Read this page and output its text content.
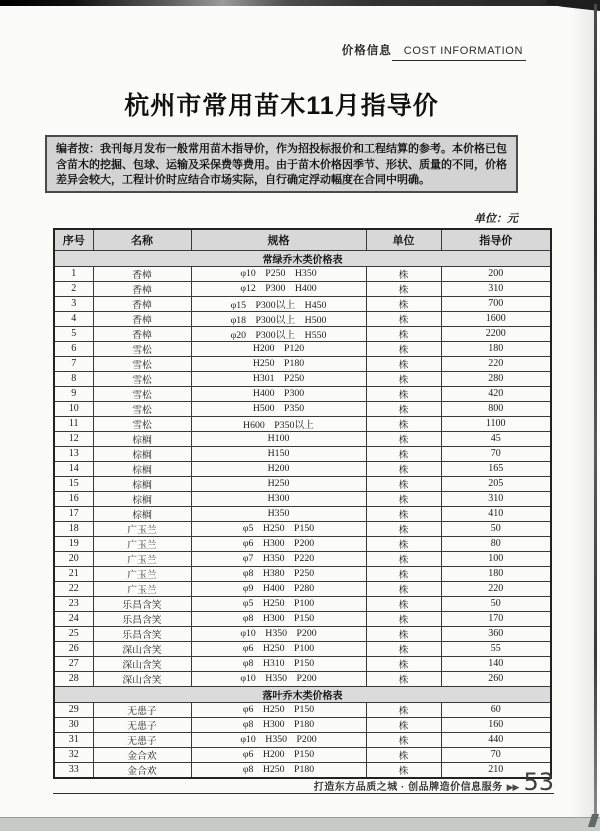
价格信息	COST INFORMATION
杭州市常用苗木11月指导价
编者按：我刊每月发布一般常用苗木指导价，作为招投标报价和工程结算的参考。本价格已包含苗木的挖掘、包球、运输及采保费等费用。由于苗木价格因季节、形状、质量的不同，价格差异会较大，工程计价时应结合市场实际，自行确定浮动幅度在合同中明确。
单位：元
序号	名称	规格	单位	指导价
常绿乔木类价格表				
1	香樟	φ10 P250 H350	株	200
2	香樟	φ12 P300 H400	株	310
3	香樟	φ15 P300以上 H450	株	700
4	香樟	φ18 P300以上 H500	株	1600
5	香樟	φ20 P300以上 H550	株	2200
6	雪松	H200 P120	株	180
7	雪松	H250 P180	株	220
8	雪松	H301 P250	株	280
9	雪松	H400 P300	株	420
10	雪松	H500 P350	株	800
11	雪松	H600 P350以上	株	1100
12	棕榈	H100	株	45
13	棕榈	H150	株	70
14	棕榈	H200	株	165
15	棕榈	H250	株	205
16	棕榈	H300	株	310
17	棕榈	H350	株	410
18	广玉兰	φ5 H250 P150	株	50
19	广玉兰	φ6 H300 P200	株	80
20	广玉兰	φ7 H350 P220	株	100
21	广玉兰	φ8 H380 P250	株	180
22	广玉兰	φ9 H400 P280	株	220
23	乐昌含笑	φ5 H250 P100	株	50
24	乐昌含笑	φ8 H300 P150	株	170
25	乐昌含笑	φ10 H350 P200	株	360
26	深山含笑	φ6 H250 P100	株	55
27	深山含笑	φ8 H310 P150	株	140
28	深山含笑	φ10 H350 P200	株	260
落叶乔木类价格表				
29	无患子	φ6 H250 P150	株	60
30	无患子	φ8 H300 P180	株	160
31	无患子	φ10 H350 P200	株	440
32	金合欢	φ6 H200 P150	株	70
33	金合欢	φ8 H250 P180	株	210
打造东方品质之城 · 创品牌造价信息服务 ▶▶ 53
